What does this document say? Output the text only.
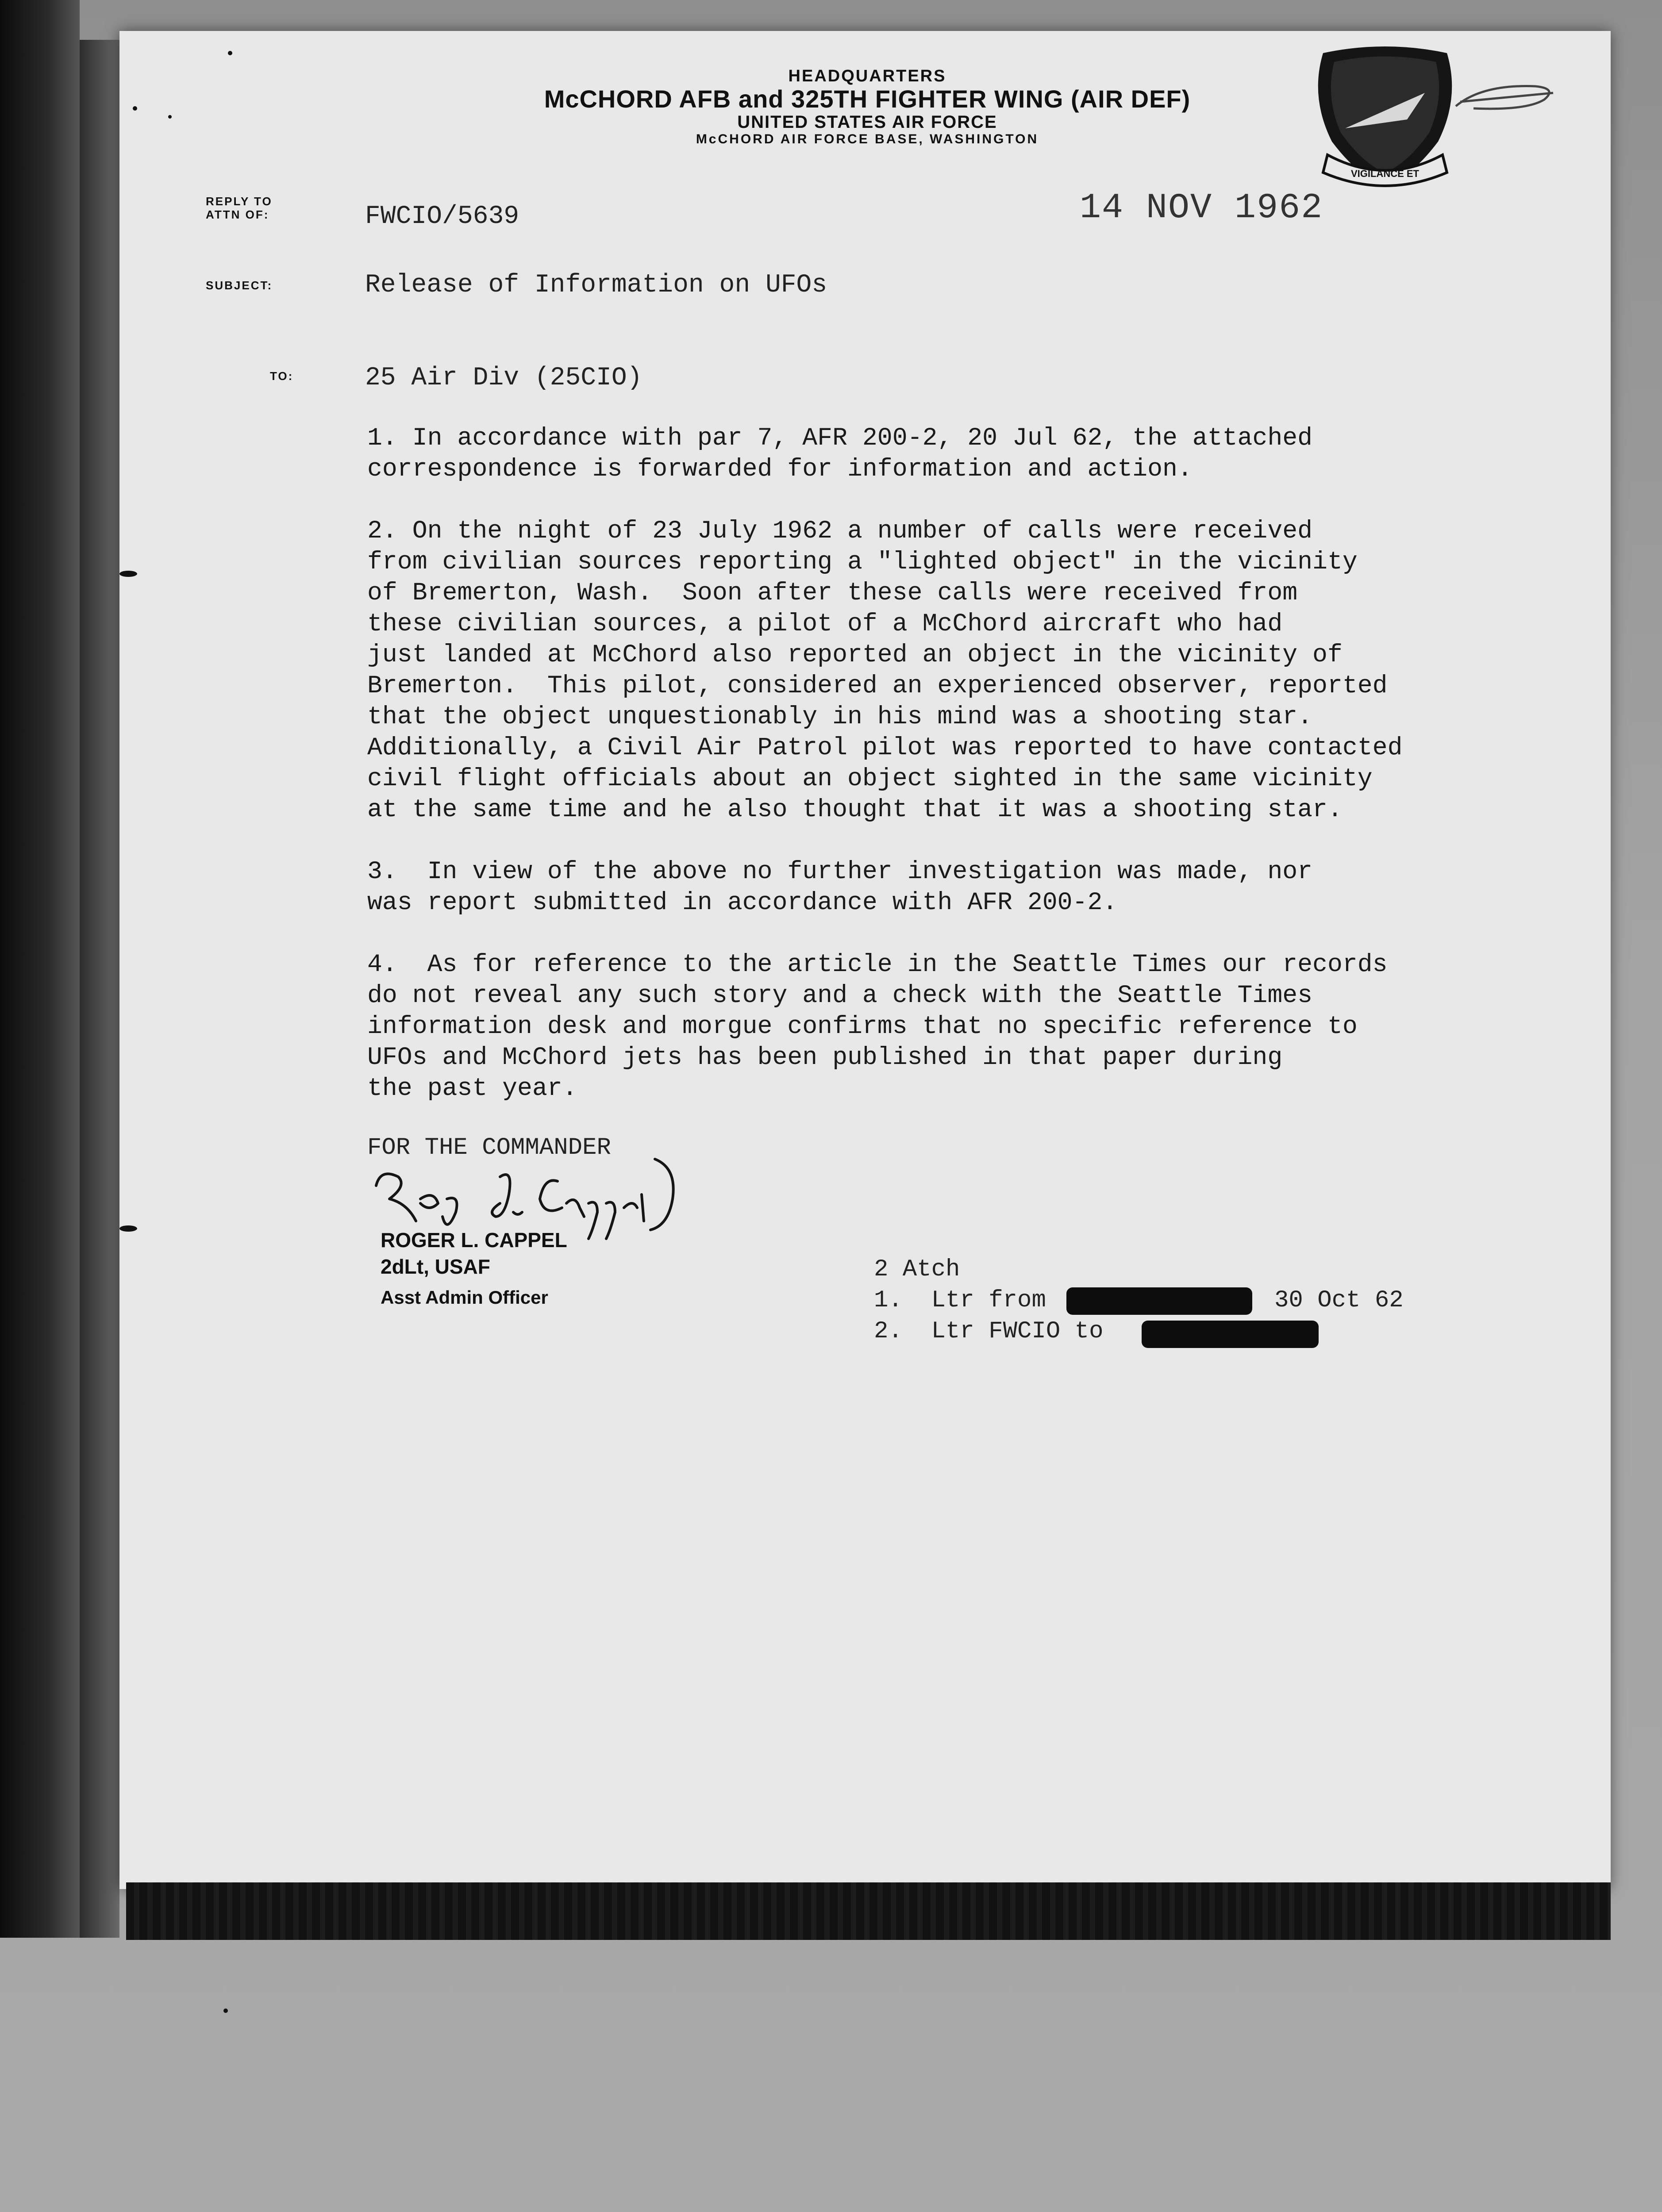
HEADQUARTERS
McCHORD AFB and 325TH FIGHTER WING (AIR DEF)
UNITED STATES AIR FORCE
McCHORD AIR FORCE BASE, WASHINGTON
VIGILANCE ET
REPLY TO
ATTN OF:
SUBJECT:
TO:
FWCIO/5639	14 NOV 1962
Release of Information on UFOs
25 Air Div (25CIO)
1. In accordance with par 7, AFR 200-2, 20 Jul 62, the attached
correspondence is forwarded for information and action.
2. On the night of 23 July 1962 a number of calls were received
from civilian sources reporting a "lighted object" in the vicinity
of Bremerton, Wash.  Soon after these calls were received from
these civilian sources, a pilot of a McChord aircraft who had
just landed at McChord also reported an object in the vicinity of
Bremerton.  This pilot, considered an experienced observer, reported
that the object unquestionably in his mind was a shooting star.
Additionally, a Civil Air Patrol pilot was reported to have contacted
civil flight officials about an object sighted in the same vicinity
at the same time and he also thought that it was a shooting star.
3.  In view of the above no further investigation was made, nor
was report submitted in accordance with AFR 200-2.
4.  As for reference to the article in the Seattle Times our records
do not reveal any such story and a check with the Seattle Times
information desk and morgue confirms that no specific reference to
UFOs and McChord jets has been published in that paper during
the past year.
FOR THE COMMANDER
ROGER L. CAPPEL
2dLt, USAF
Asst Admin Officer
2 Atch
1.  Ltr from	30 Oct 62
2.  Ltr FWCIO to
